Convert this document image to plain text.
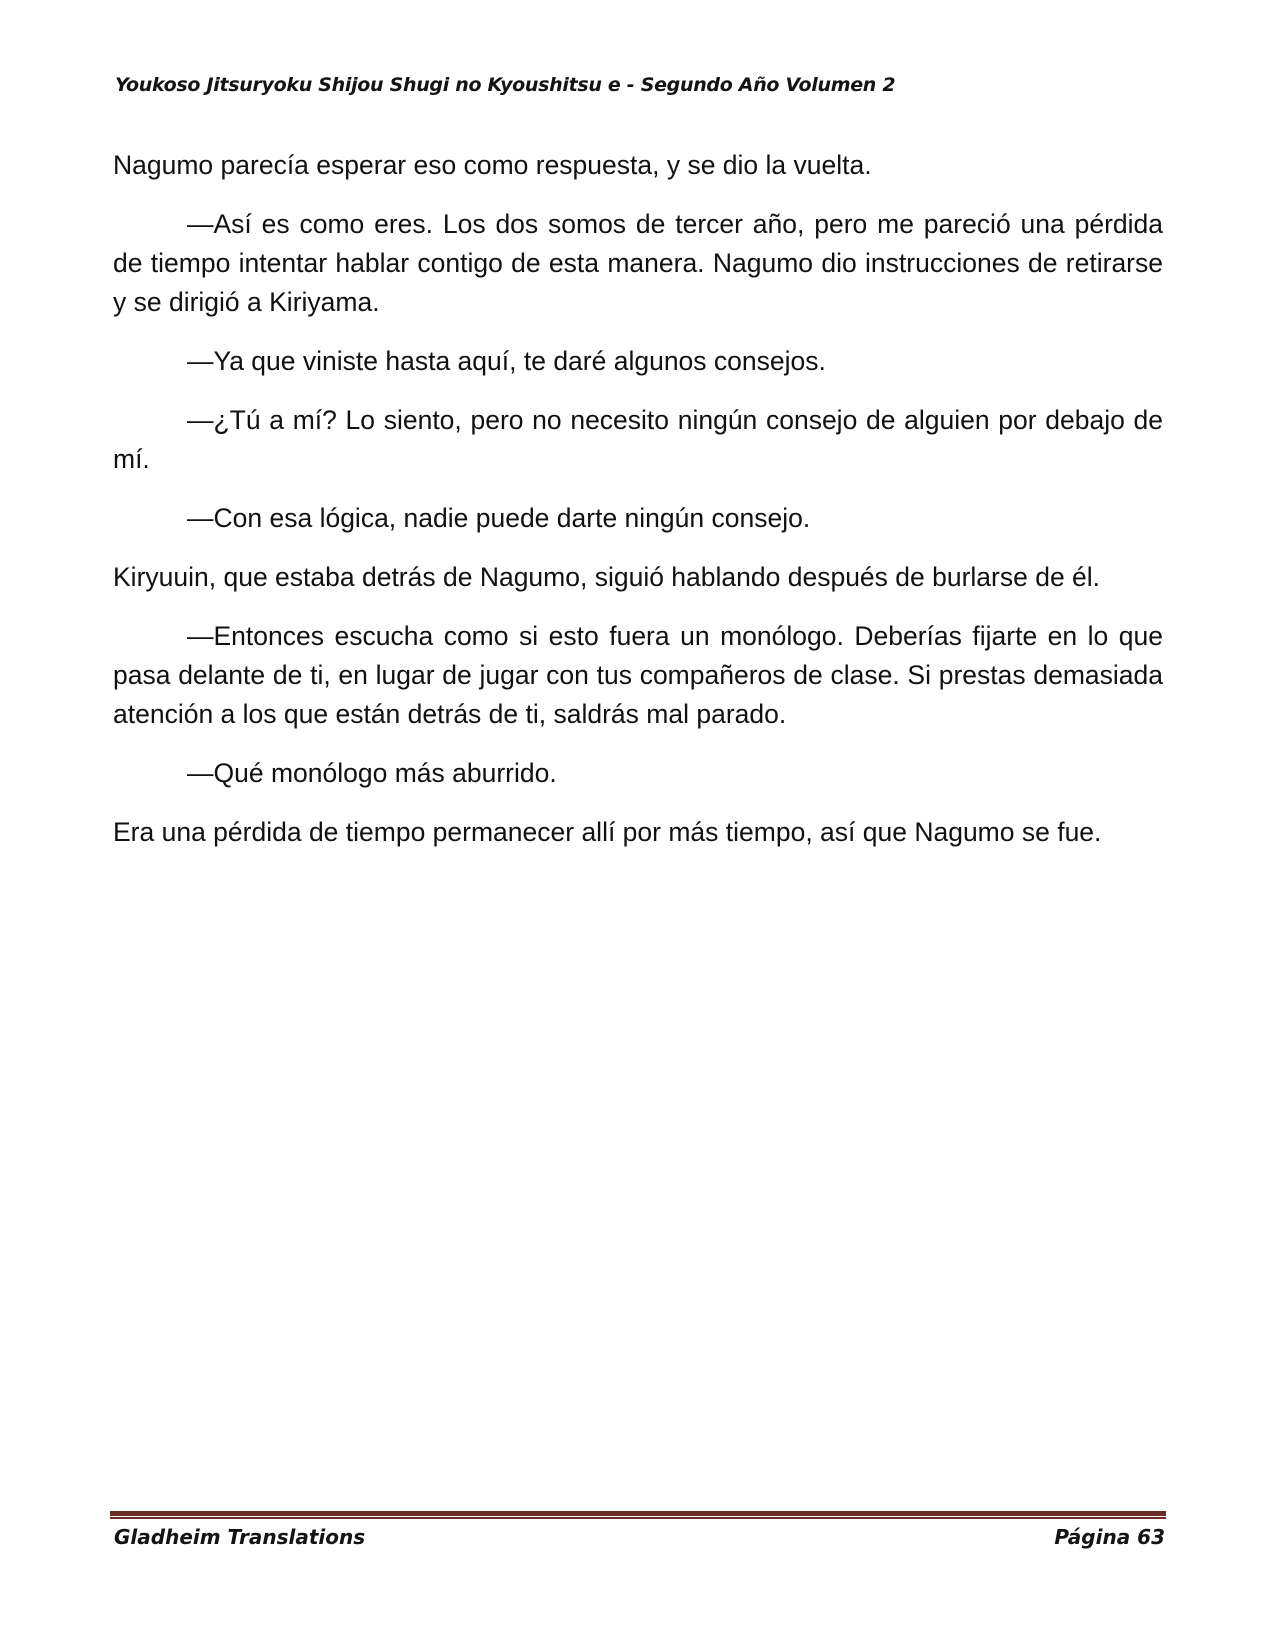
Youkoso Jitsuryoku Shijou Shugi no Kyoushitsu e - Segundo Año Volumen 2

Nagumo parecía esperar eso como respuesta, y se dio la vuelta.

—Así es como eres. Los dos somos de tercer año, pero me pareció una pérdida de tiempo intentar hablar contigo de esta manera. Nagumo dio instrucciones de retirarse y se dirigió a Kiriyama.

—Ya que viniste hasta aquí, te daré algunos consejos.

—¿Tú a mí? Lo siento, pero no necesito ningún consejo de alguien por debajo de mí.

—Con esa lógica, nadie puede darte ningún consejo.

Kiryuuin, que estaba detrás de Nagumo, siguió hablando después de burlarse de él.

—Entonces escucha como si esto fuera un monólogo. Deberías fijarte en lo que pasa delante de ti, en lugar de jugar con tus compañeros de clase. Si prestas demasiada atención a los que están detrás de ti, saldrás mal parado.

—Qué monólogo más aburrido.

Era una pérdida de tiempo permanecer allí por más tiempo, así que Nagumo se fue.

Gladheim Translations	Página 63
